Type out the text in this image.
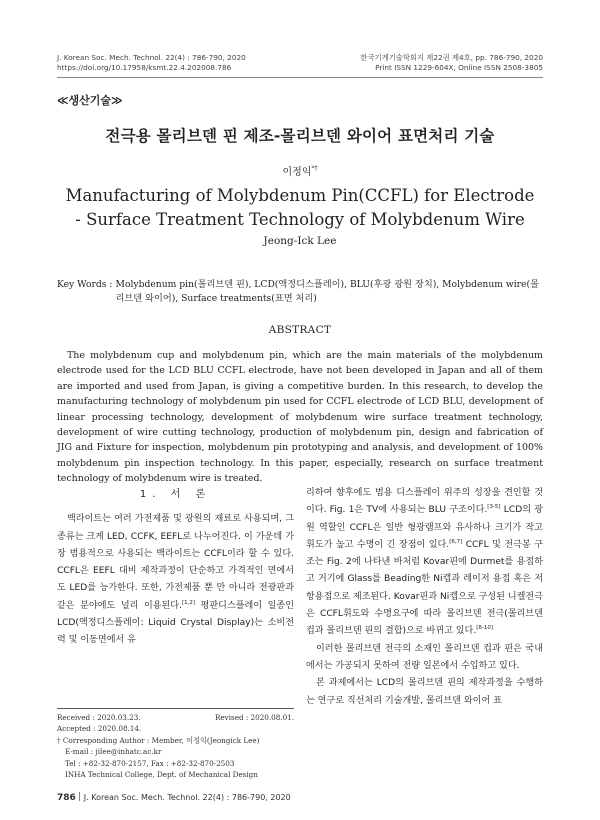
J. Korean Soc. Mech. Technol. 22(4) : 786-790, 2020
https://doi.org/10.17958/ksmt.22.4.202008.786
한국기계기술학회지 제22권 제4호, pp. 786-790, 2020
Print ISSN 1229-604X, Online ISSN 2508-3805
≪생산기술≫
전극용 몰리브덴 핀 제조-몰리브덴 와이어 표면처리 기술
이정익*†
Manufacturing of Molybdenum Pin(CCFL) for Electrode
- Surface Treatment Technology of Molybdenum Wire
Jeong-Ick Lee
Key Words : Molybdenum pin(몰리브덴 핀), LCD(액정디스플레이), BLU(후광 광원 장치), Molybdenum wire(몰리브덴 와이어), Surface treatments(표면 처리)
ABSTRACT
The molybdenum cup and molybdenum pin, which are the main materials of the molybdenum electrode used for the LCD BLU CCFL electrode, have not been developed in Japan and all of them are imported and used from Japan, is giving a competitive burden. In this research, to develop the manufacturing technology of molybdenum pin used for CCFL electrode of LCD BLU, development of linear processing technology, development of molybdenum wire surface treatment technology, development of wire cutting technology, production of molybdenum pin, design and fabrication of JIG and Fixture for inspection, molybdenum pin prototyping and analysis, and development of 100% molybdenum pin inspection technology. In this paper, especially, research on surface treatment technology of molybdenum wire is treated.
1. 서 론

백라이트는 여러 가전제품 및 광원의 재료로 사용되며, 그 종류는 크게 LED, CCFK, EEFL로 나누어진다. 이 가운데 가장 범용적으로 사용되는 백라이트는 CCFL이라 할 수 있다. CCFL은 EEFL 대비 제작과정이 단순하고 가격적인 면에서도 LED를 능가한다. 또한, 가전제품 뿐 만 아니라 전광판과 같은 분야에도 널리 이용된다.[1,2] 평판디스플레이 일종인 LCD(액정디스플레이: Liquid Crystal Display)는 소비전력 및 이동면에서 유

리하여 향후에도 범용 디스플레이 위주의 성장을 견인할 것이다. Fig. 1은 TV에 사용되는 BLU 구조이다.[3-5] LCD의 광원 역할인 CCFL은 일반 형광램프와 유사하나 크기가 작고 휘도가 높고 수명이 긴 장점이 있다.[6,7] CCFL 및 전극봉 구조는 Fig. 2에 나타낸 바처럼 Kovar핀에 Durmet를 용접하고 거기에 Glass를 Beading한 Ni캡과 레이저 용접 혹은 저항용접으로 제조된다. Kovar핀과 Ni캡으로 구성된 니켈전극은 CCFL휘도와 수명요구에 따라 몰리브덴 전극(몰리브덴 컵과 몰리브덴 핀의 결합)으로 바뀌고 있다.[8-10]

이러한 몰리브덴 전극의 소재인 몰리브덴 컵과 핀은 국내에서는 가공되지 못하여 전량 일본에서 수입하고 있다.

본 과제에서는 LCD의 몰리브덴 핀의 제작과정을 수행하는 연구로 직선처리 기술개발, 몰리브덴 와이어 표

Received : 2020.03.23.	Revised : 2020.08.01.
Accepted : 2020.08.14.
† Corresponding Author : Member, 이정익(Jeongick Lee)
E-mail : jilee@inhatc.ac.kr
Tel : +82-32-870-2157, Fax : +82-32-870-2503
INHA Technical College, Dept. of Mechanical Design
786 J. Korean Soc. Mech. Technol. 22(4) : 786-790, 2020
